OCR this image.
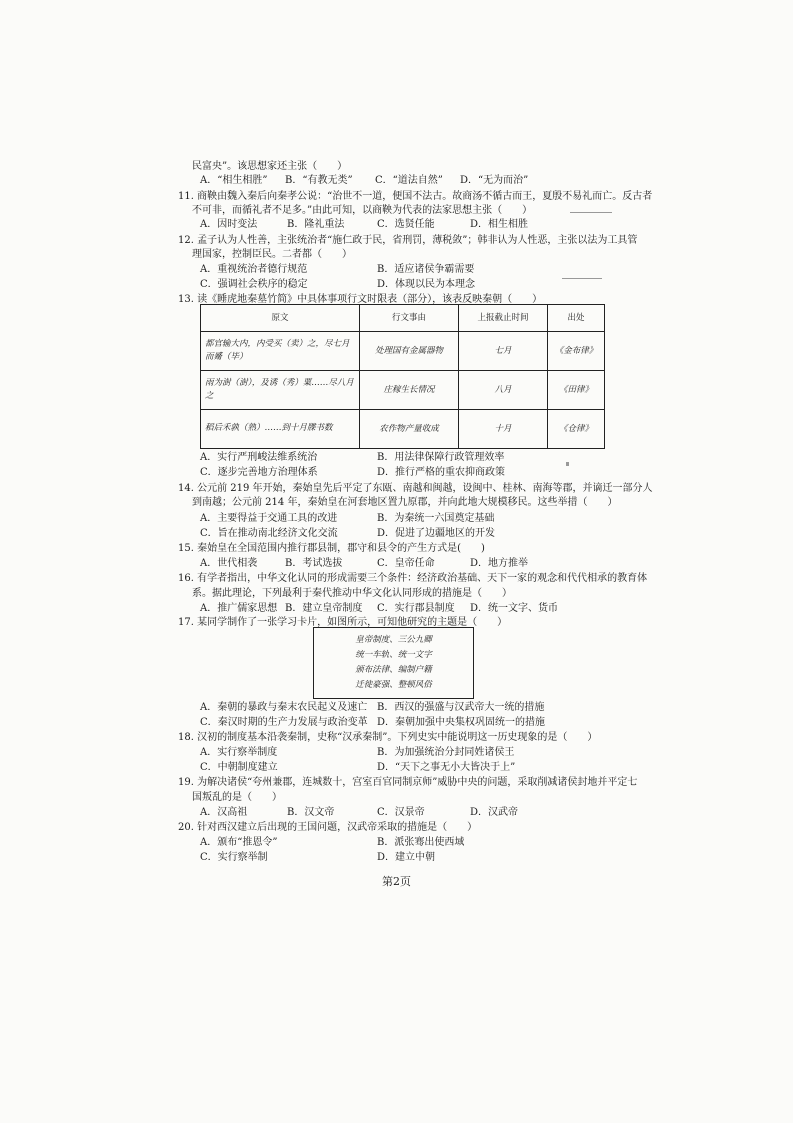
民富央”。该思想家还主张（　　）
A．“相生相胜” B．“有教无类” C．“道法自然” D．“无为而治”
11. 商鞅由魏入秦后向秦孝公说：“治世不一道，便国不法古。故商汤不循古而王，夏殷不易礼而亡。反古者
不可非，而循礼者不足多。”由此可知，以商鞅为代表的法家思想主张（　　）
A．因时变法	B．隆礼重法	C．选贤任能	D．相生相胜
12. 孟子认为人性善，主张统治者“施仁政于民，省刑罚，薄税敛”；韩非认为人性恶，主张以法为工具管
理国家，控制臣民。二者都（　　）
A．重视统治者德行规范	B．适应诸侯争霸需要
C．强调社会秩序的稳定	D．体现以民为本理念
13. 读《睡虎地秦墓竹简》中具体事项行文时限表（部分），该表反映秦朝（　　）
原文	行文事由	上报截止时间	出处
都官输大内，内受买（卖）之，尽七月而觱（毕）	处理国有金属器物	七月	《金布律》
雨为澍（澍），及诱（秀）粟……尽八月之	庄稼生长情况	八月	《田律》
稻后禾孰（熟）……到十月牒书数	农作物产量收成	十月	《仓律》
A．实行严刑峻法维系统治	B．用法律保障行政管理效率
C．逐步完善地方治理体系	D．推行严格的重农抑商政策
14. 公元前 219 年开始，秦始皇先后平定了东瓯、南越和闽越，设闽中、桂林、南海等郡，并谪迁一部分人
到南越；公元前 214 年，秦始皇在河套地区置九原郡，并向此地大规模移民。这些举措（　　）
A．主要得益于交通工具的改进	B．为秦统一六国奠定基础
C．旨在推动南北经济文化交流	D．促进了边疆地区的开发
15. 秦始皇在全国范围内推行郡县制，郡守和县令的产生方式是(　　)
A．世代相袭	B．考试选拔	C．皇帝任命	D．地方推举
16. 有学者指出，中华文化认同的形成需要三个条件：经济政治基础、天下一家的观念和代代相承的教育体
系。据此理论，下列最利于秦代推动中华文化认同形成的措施是（　　）
A．推广儒家思想 B．建立皇帝制度 C．实行郡县制度 D．统一文字、货币
17. 某同学制作了一张学习卡片，如图所示，可知他研究的主题是（　　）
皇帝制度、三公九卿
统一车轨、统一文字
颁布法律、编制户籍
迁徙豪强、整顿风俗
A．秦朝的暴政与秦末农民起义及速亡 B．西汉的强盛与汉武帝大一统的措施
C．秦汉时期的生产力发展与政治变革 D．秦朝加强中央集权巩固统一的措施
18. 汉初的制度基本沿袭秦制，史称“汉承秦制”。下列史实中能说明这一历史现象的是（　　）
A．实行察举制度	B．为加强统治分封同姓诸侯王
C．中朝制度建立	D．“天下之事无小大皆决于上”
19. 为解决诸侯“夸州兼郡，连城数十，宫室百官同制京师”威胁中央的问题，采取削减诸侯封地并平定七
国叛乱的是（　　）
A．汉高祖	B．汉文帝	C．汉景帝	D．汉武帝
20. 针对西汉建立后出现的王国问题，汉武帝采取的措施是（　　）
A．颁布“推恩令”	B．派张骞出使西域
C．实行察举制	D．建立中朝
第2页
